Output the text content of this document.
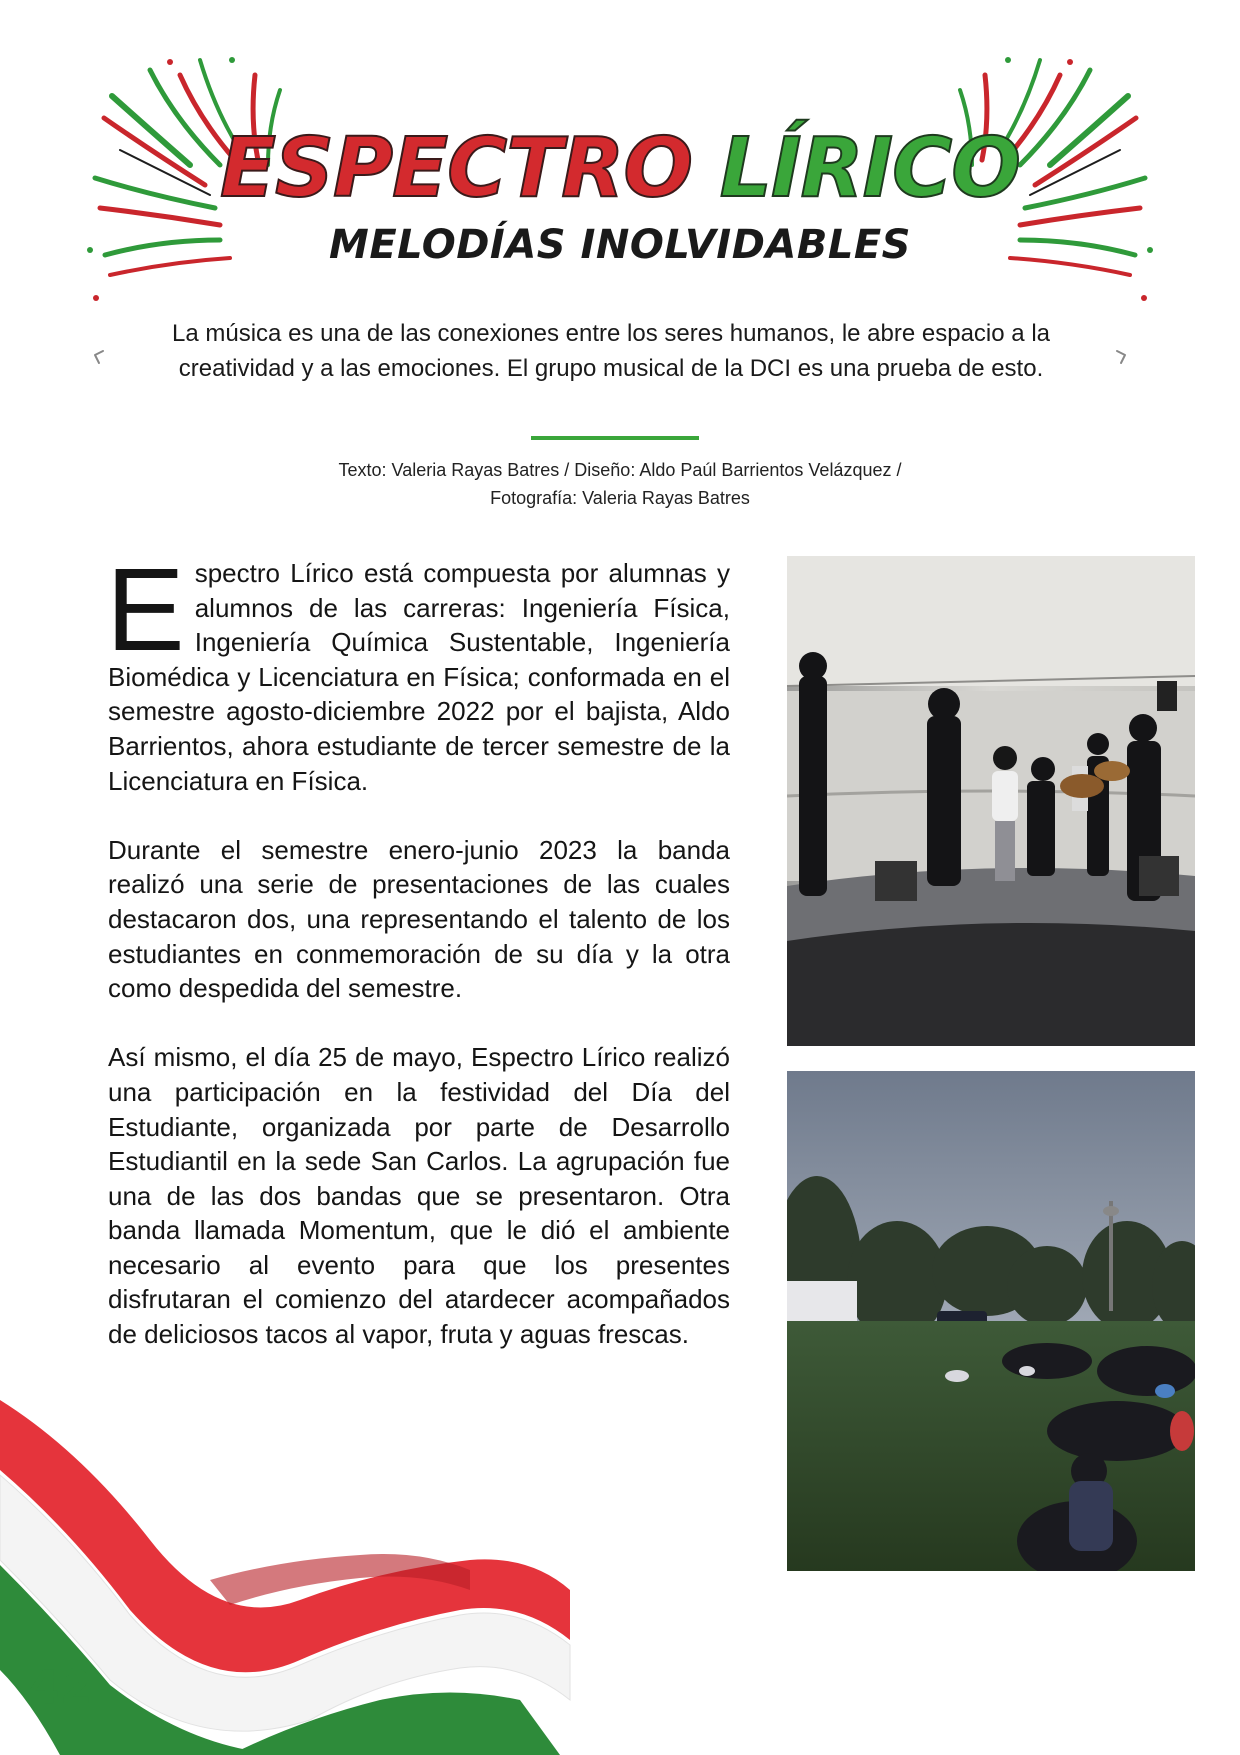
ESPECTRO LÍRICO
MELODÍAS INOLVIDABLES
La música es una de las conexiones entre los seres humanos, le abre espacio a la creatividad y a las emociones. El grupo musical de la DCI es una prueba de esto.
Texto: Valeria Rayas Batres / Diseño: Aldo Paúl Barrientos Velázquez /
Fotografía: Valeria Rayas Batres

Espectro Lírico está compuesta por alumnas y alumnos de las carreras: Ingeniería Física, Ingeniería Química Sustentable, Ingeniería Biomédica y Licenciatura en Física; conformada en el semestre agosto-diciembre 2022 por el bajista, Aldo Barrientos, ahora estudiante de tercer semestre de la Licenciatura en Física.

Durante el semestre enero-junio 2023 la banda realizó una serie de presentaciones de las cuales destacaron dos, una representando el talento de los estudiantes en conmemoración de su día y la otra como despedida del semestre.

Así mismo, el día 25 de mayo, Espectro Lírico realizó una participación en la festividad del Día del Estudiante, organizada por parte de Desarrollo Estudiantil en la sede San Carlos. La agrupación fue una de las dos bandas que se presentaron. Otra banda llamada Momentum, que le dió el ambiente necesario al evento para que los presentes disfrutaran el comienzo del atardecer acompañados de deliciosos tacos al vapor, fruta y aguas frescas.

42
